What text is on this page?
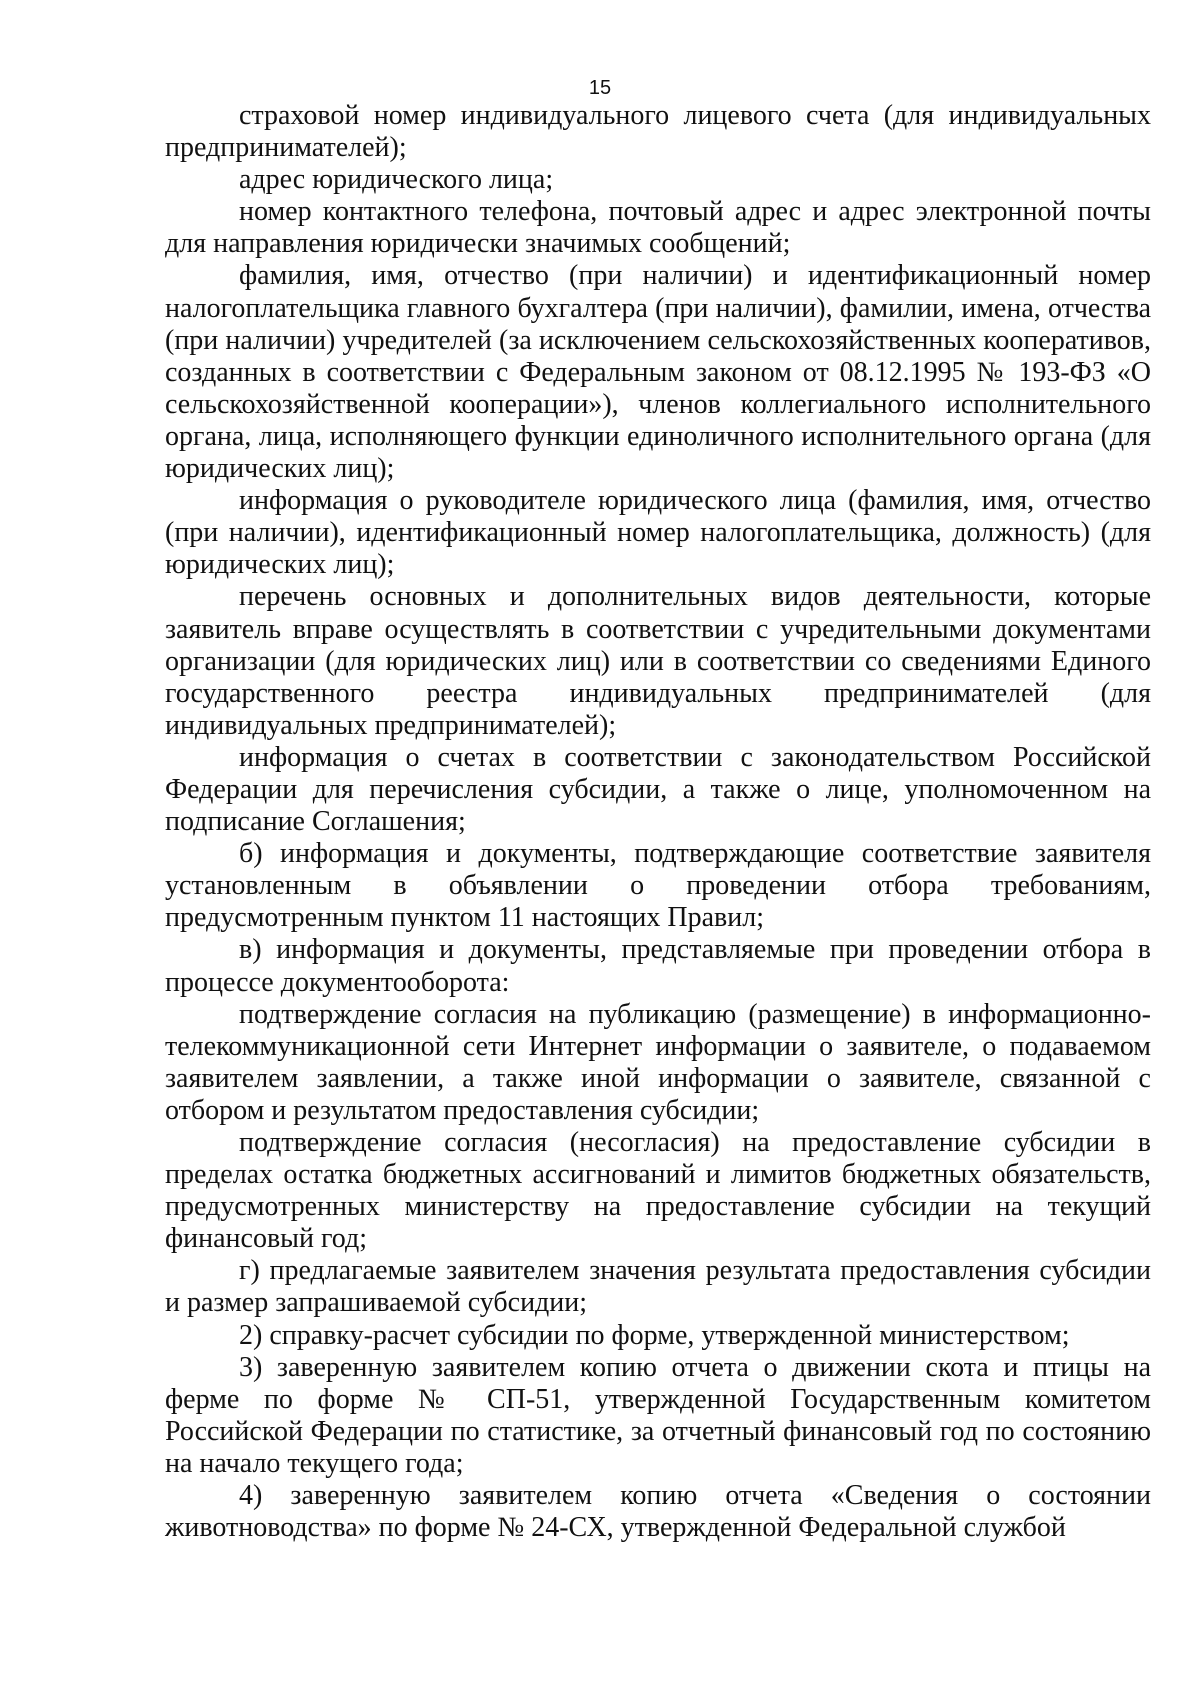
15

страховой номер индивидуального лицевого счета (для индивидуальных предпринимателей);

адрес юридического лица;

номер контактного телефона, почтовый адрес и адрес электронной почты для направления юридически значимых сообщений;

фамилия, имя, отчество (при наличии) и идентификационный номер налогоплательщика главного бухгалтера (при наличии), фамилии, имена, отчества (при наличии) учредителей (за исключением сельскохозяйственных кооперативов, созданных в соответствии с Федеральным законом от 08.12.1995 № 193-ФЗ «О сельскохозяйственной кооперации»), членов коллегиального исполнительного органа, лица, исполняющего функции единоличного исполнительного органа (для юридических лиц);

информация о руководителе юридического лица (фамилия, имя, отчество (при наличии), идентификационный номер налогоплательщика, должность) (для юридических лиц);

перечень основных и дополнительных видов деятельности, которые заявитель вправе осуществлять в соответствии с учредительными документами организации (для юридических лиц) или в соответствии со сведениями Единого государственного реестра индивидуальных предпринимателей (для индивидуальных предпринимателей);

информация о счетах в соответствии с законодательством Российской Федерации для перечисления субсидии, а также о лице, уполномоченном на подписание Соглашения;

б) информация и документы, подтверждающие соответствие заявителя установленным в объявлении о проведении отбора требованиям, предусмотренным пунктом 11 настоящих Правил;

в) информация и документы, представляемые при проведении отбора в процессе документооборота:

подтверждение согласия на публикацию (размещение) в информационно-телекоммуникационной сети Интернет информации о заявителе, о подаваемом заявителем заявлении, а также иной информации о заявителе, связанной с отбором и результатом предоставления субсидии;

подтверждение согласия (несогласия) на предоставление субсидии в пределах остатка бюджетных ассигнований и лимитов бюджетных обязательств, предусмотренных министерству на предоставление субсидии на текущий финансовый год;

г) предлагаемые заявителем значения результата предоставления субсидии и размер запрашиваемой субсидии;

2) справку-расчет субсидии по форме, утвержденной министерством;

3) заверенную заявителем копию отчета о движении скота и птицы на ферме по форме № СП-51, утвержденной Государственным комитетом Российской Федерации по статистике, за отчетный финансовый год по состоянию на начало текущего года;

4) заверенную заявителем копию отчета «Сведения о состоянии животноводства» по форме № 24-СХ, утвержденной Федеральной службой
